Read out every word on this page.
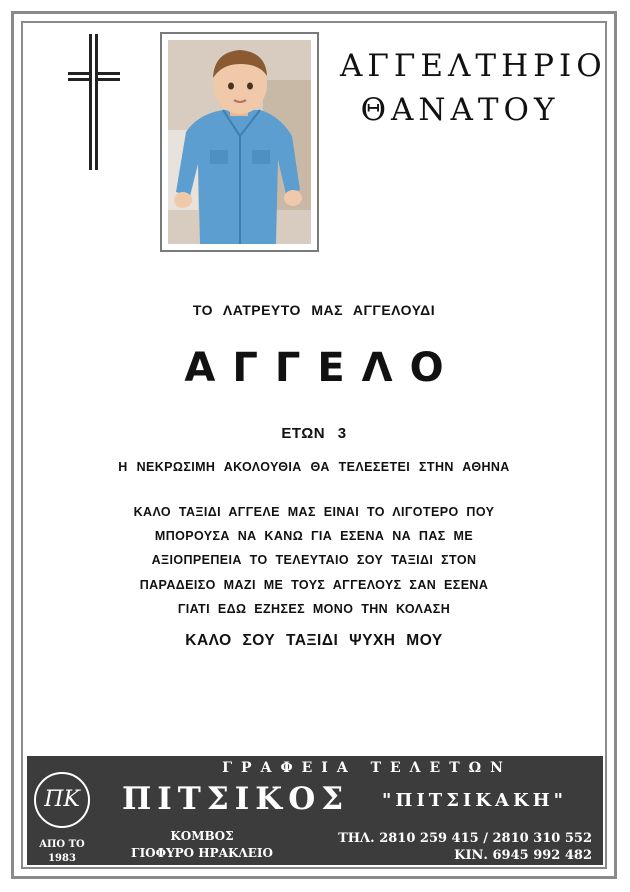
ΑΓΓΕΛΤΗΡΙΟ
ΘΑΝΑΤΟΥ
ΤΟ ΛΑΤΡΕΥΤΟ ΜΑΣ ΑΓΓΕΛΟΥΔΙ
ΑΓΓΕΛΟ
ΕΤΩΝ 3
Η ΝΕΚΡΩΣΙΜΗ ΑΚΟΛΟΥΘΙΑ ΘΑ ΤΕΛΕΣΕΤΕΙ ΣΤΗΝ ΑΘΗΝΑ
ΚΑΛΟ ΤΑΞΙΔΙ ΑΓΓΕΛΕ ΜΑΣ ΕΙΝΑΙ ΤΟ ΛΙΓΟΤΕΡΟ ΠΟΥ
ΜΠΟΡΟΥΣΑ ΝΑ ΚΑΝΩ ΓΙΑ ΕΣΕΝΑ ΝΑ ΠΑΣ ΜΕ
ΑΞΙΟΠΡΕΠΕΙΑ ΤΟ ΤΕΛΕΥΤΑΙΟ ΣΟΥ ΤΑΞΙΔΙ ΣΤΟΝ
ΠΑΡΑΔΕΙΣΟ ΜΑΖΙ ΜΕ ΤΟΥΣ ΑΓΓΕΛΟΥΣ ΣΑΝ ΕΣΕΝΑ
ΓΙΑΤΙ ΕΔΩ ΕΖΗΣΕΣ ΜΟΝΟ ΤΗΝ ΚΟΛΑΣΗ
ΚΑΛΟ ΣΟΥ ΤΑΞΙΔΙ ΨΥΧΗ ΜΟΥ
ΓΡΑΦΕΙΑ ΤΕΛΕΤΩΝ
ΠΚ
ΑΠΟ ΤΟ
1983
ΠΙΤΣΙΚΟΣ "ΠΙΤΣΙΚΑΚΗ"
ΚΟΜΒΟΣ
ΓΙΟΦΥΡΟ ΗΡΑΚΛΕΙΟ
ΤΗΛ. 2810 259 415 / 2810 310 552
ΚΙΝ. 6945 992 482
